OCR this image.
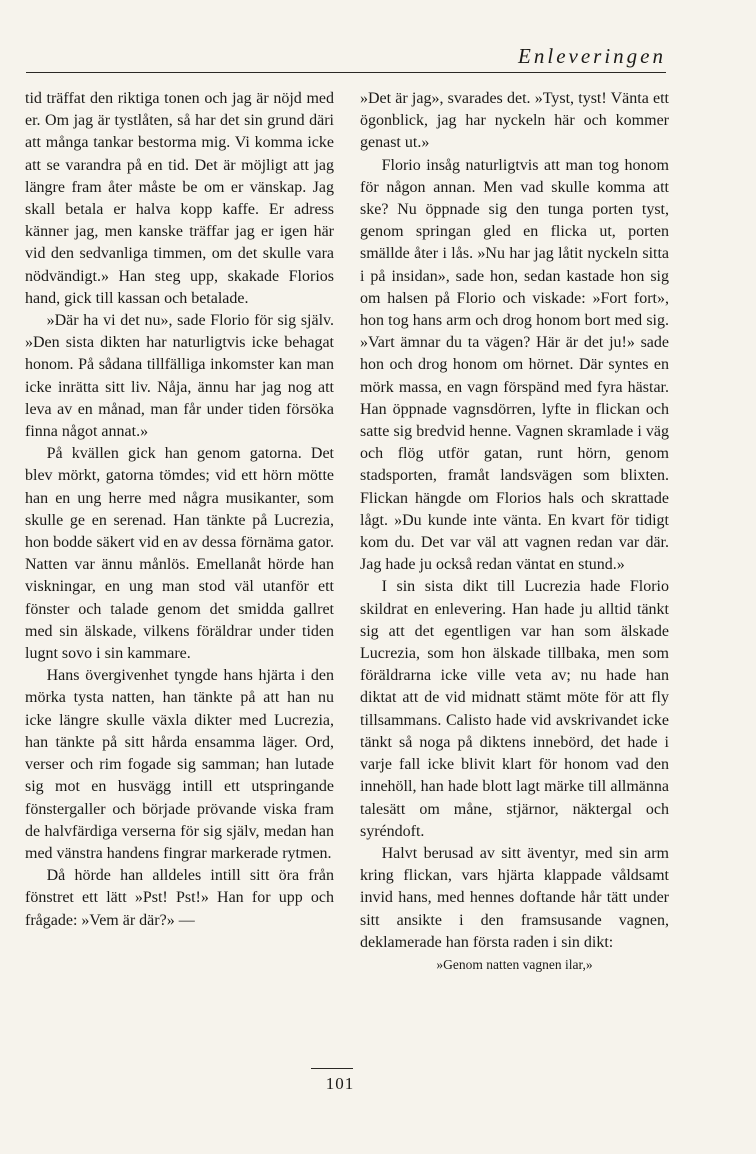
Enleveringen

tid träffat den riktiga tonen och jag är nöjd med er. Om jag är tystlåten, så har det sin grund däri att många tankar bestorma mig. Vi komma icke att se varandra på en tid. Det är möjligt att jag längre fram åter måste be om er vänskap. Jag skall betala er halva kopp kaffe. Er adress känner jag, men kanske träffar jag er igen här vid den sedvanliga timmen, om det skulle vara nödvändigt.» Han steg upp, skakade Florios hand, gick till kassan och betalade.

»Där ha vi det nu», sade Florio för sig själv. »Den sista dikten har naturligtvis icke behagat honom. På sådana tillfälliga inkomster kan man icke inrätta sitt liv. Nåja, ännu har jag nog att leva av en månad, man får under tiden försöka finna något annat.»

På kvällen gick han genom gatorna. Det blev mörkt, gatorna tömdes; vid ett hörn mötte han en ung herre med några musikanter, som skulle ge en serenad. Han tänkte på Lucrezia, hon bodde säkert vid en av dessa förnäma gator. Natten var ännu månlös. Emellanåt hörde han viskningar, en ung man stod väl utanför ett fönster och talade genom det smidda gallret med sin älskade, vilkens föräldrar under tiden lugnt sovo i sin kammare.

Hans övergivenhet tyngde hans hjärta i den mörka tysta natten, han tänkte på att han nu icke längre skulle växla dikter med Lucrezia, han tänkte på sitt hårda ensamma läger. Ord, verser och rim fogade sig samman; han lutade sig mot en husvägg intill ett utspringande fönstergaller och började prövande viska fram de halvfärdiga verserna för sig själv, medan han med vänstra handens fingrar markerade rytmen.

Då hörde han alldeles intill sitt öra från fönstret ett lätt »Pst! Pst!» Han for upp och frågade: »Vem är där?» —

»Det är jag», svarades det. »Tyst, tyst! Vänta ett ögonblick, jag har nyckeln här och kommer genast ut.»

Florio insåg naturligtvis att man tog honom för någon annan. Men vad skulle komma att ske? Nu öppnade sig den tunga porten tyst, genom springan gled en flicka ut, porten smällde åter i lås. »Nu har jag låtit nyckeln sitta i på insidan», sade hon, sedan kastade hon sig om halsen på Florio och viskade: »Fort fort», hon tog hans arm och drog honom bort med sig. »Vart ämnar du ta vägen? Här är det ju!» sade hon och drog honom om hörnet. Där syntes en mörk massa, en vagn förspänd med fyra hästar. Han öppnade vagnsdörren, lyfte in flickan och satte sig bredvid henne. Vagnen skramlade i väg och flög utför gatan, runt hörn, genom stadsporten, framåt landsvägen som blixten. Flickan hängde om Florios hals och skrattade lågt. »Du kunde inte vänta. En kvart för tidigt kom du. Det var väl att vagnen redan var där. Jag hade ju också redan väntat en stund.»

I sin sista dikt till Lucrezia hade Florio skildrat en enlevering. Han hade ju alltid tänkt sig att det egentligen var han som älskade Lucrezia, som hon älskade tillbaka, men som föräldrarna icke ville veta av; nu hade han diktat att de vid midnatt stämt möte för att fly tillsammans. Calisto hade vid avskrivandet icke tänkt så noga på diktens innebörd, det hade i varje fall icke blivit klart för honom vad den innehöll, han hade blott lagt märke till allmänna talesätt om måne, stjärnor, näktergal och syréndoft.

Halvt berusad av sitt äventyr, med sin arm kring flickan, vars hjärta klappade våldsamt invid hans, med hennes doftande hår tätt under sitt ansikte i den framsusande vagnen, deklamerade han första raden i sin dikt:

»Genom natten vagnen ilar,»

101
